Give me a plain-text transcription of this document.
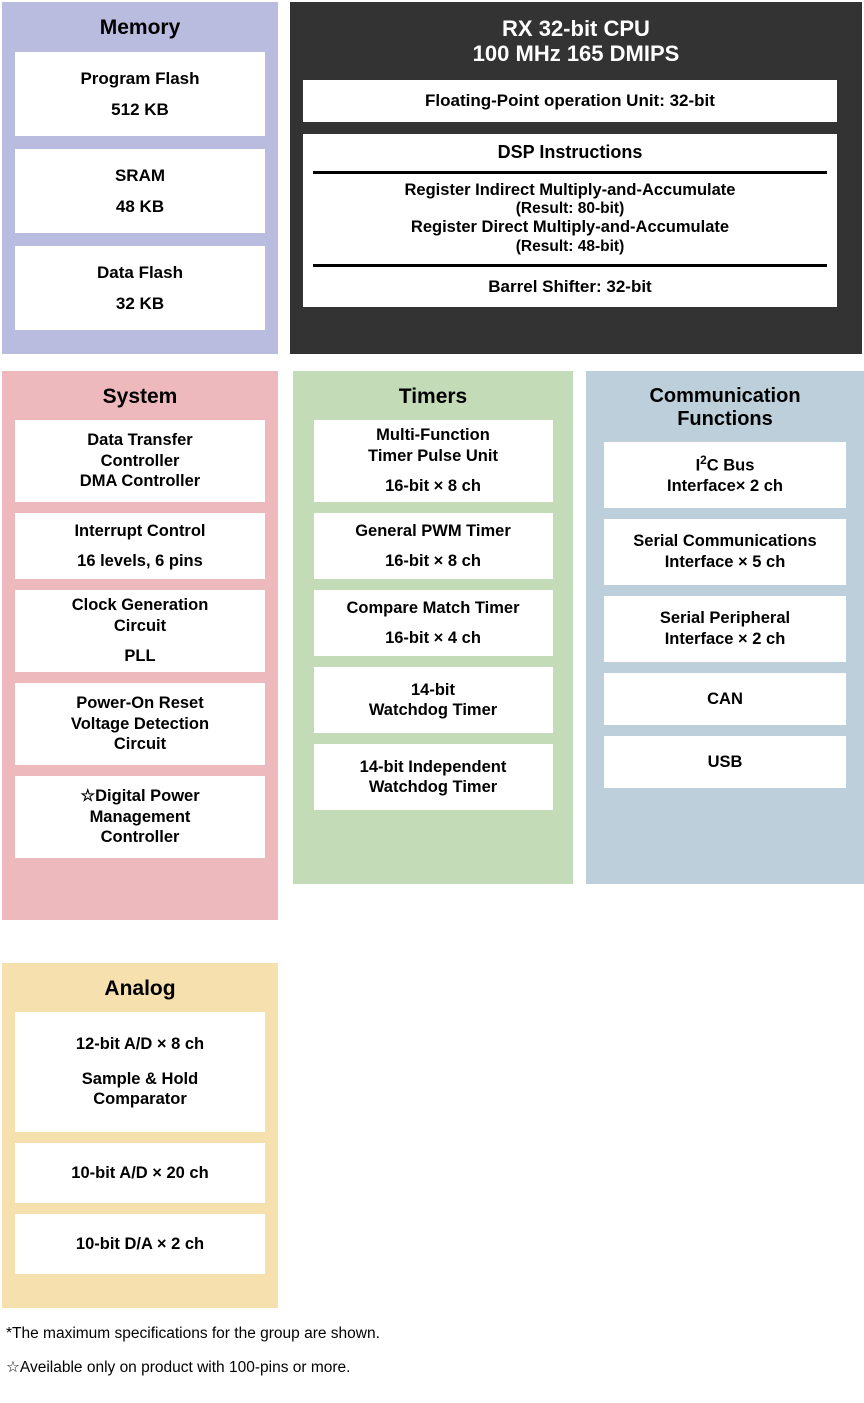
Memory
Program Flash
512 KB
SRAM
48 KB
Data Flash
32 KB
RX 32-bit CPU
100 MHz 165 DMIPS
Floating-Point operation Unit: 32-bit
DSP Instructions
Register Indirect Multiply-and-Accumulate
(Result: 80-bit)
Register Direct Multiply-and-Accumulate
(Result: 48-bit)
Barrel Shifter: 32-bit
System
Data Transfer
Controller
DMA Controller
Interrupt Control
16 levels, 6 pins
Clock Generation
Circuit
PLL
Power-On Reset
Voltage Detection
Circuit
☆Digital Power
Management
Controller
Timers
Multi-Function
Timer Pulse Unit
16-bit × 8 ch
General PWM Timer
16-bit × 8 ch
Compare Match Timer
16-bit × 4 ch
14-bit
Watchdog Timer
14-bit Independent
Watchdog Timer
Communication
Functions
$I^2C$ Bus
Interface× 2 ch
Serial Communications
Interface × 5 ch
Serial Peripheral
Interface × 2 ch
CAN
USB
Analog
12-bit A/D × 8 ch
Sample & Hold
Comparator
10-bit A/D × 20 ch
10-bit D/A × 2 ch
*The maximum specifications for the group are shown.
☆Aveilable only on product with 100-pins or more.
